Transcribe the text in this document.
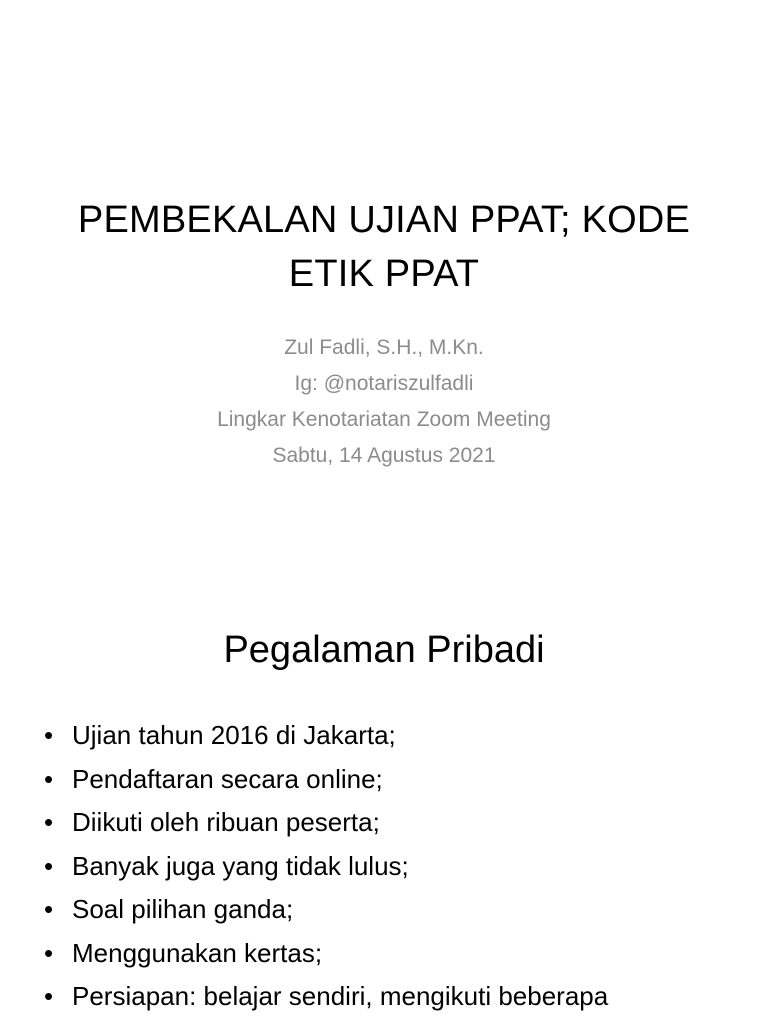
PEMBEKALAN UJIAN PPAT; KODE ETIK PPAT
Zul Fadli, S.H., M.Kn.
Ig: @notariszulfadli
Lingkar Kenotariatan Zoom Meeting
Sabtu, 14 Agustus 2021
Pegalaman Pribadi
• Ujian tahun 2016 di Jakarta;
• Pendaftaran secara online;
• Diikuti oleh ribuan peserta;
• Banyak juga yang tidak lulus;
• Soal pilihan ganda;
• Menggunakan kertas;
• Persiapan: belajar sendiri, mengikuti beberapa
